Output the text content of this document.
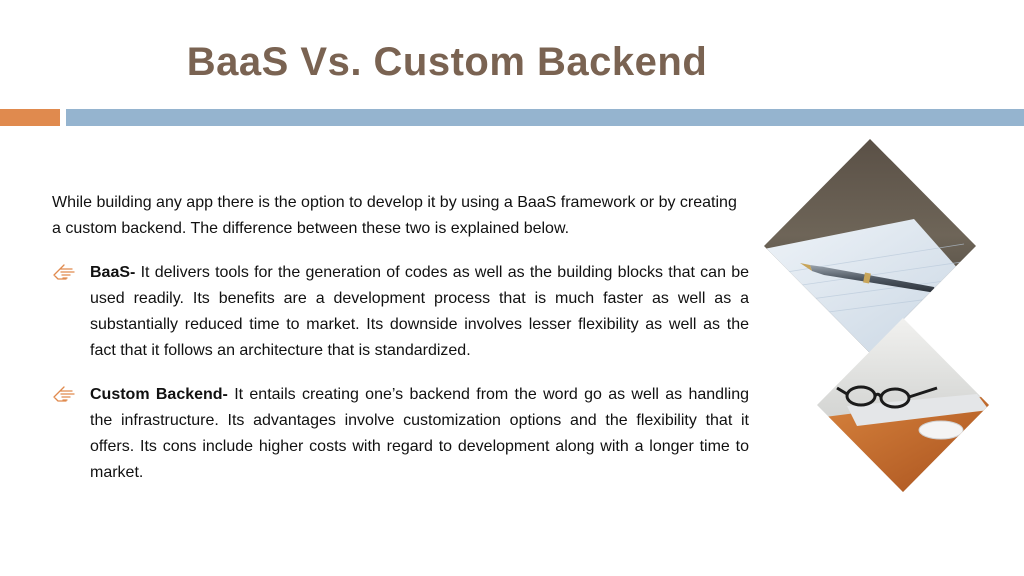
BaaS Vs. Custom Backend

While building any app there is the option to develop it by using a BaaS framework or by creating a custom backend. The difference between these two is explained below.

BaaS- It delivers tools for the generation of codes as well as the building blocks that can be used readily. Its benefits are a development process that is much faster as well as a substantially reduced time to market. Its downside involves lesser flexibility as well as the fact that it follows an architecture that is standardized.
Custom Backend- It entails creating one’s backend from the word go as well as handling the infrastructure. Its advantages involve customization options and the flexibility that it offers. Its cons include higher costs with regard to development along with a longer time to market.
